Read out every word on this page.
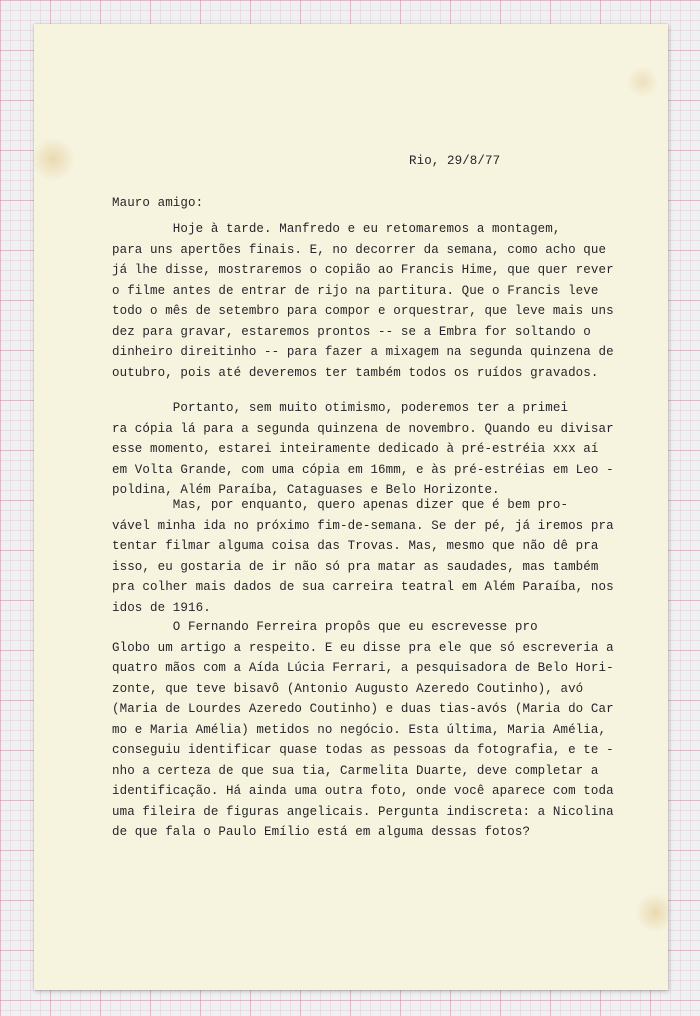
Rio, 29/8/77

Mauro amigo:

Hoje à tarde. Manfredo e eu retomaremos a montagem,
para uns apertões finais. E, no decorrer da semana, como acho que
já lhe disse, mostraremos o copião ao Francis Hime, que quer rever
o filme antes de entrar de rijo na partitura. Que o Francis leve
todo o mês de setembro para compor e orquestrar, que leve mais uns
dez para gravar, estaremos prontos -- se a Embra for soltando o
dinheiro direitinho -- para fazer a mixagem na segunda quinzena de
outubro, pois até deveremos ter também todos os ruídos gravados.
Portanto, sem muito otimismo, poderemos ter a primei
ra cópia lá para a segunda quinzena de novembro. Quando eu divisar
esse momento, estarei inteiramente dedicado à pré-estréia xxx aí
em Volta Grande, com uma cópia em 16mm, e às pré-estréias em Leo -
poldina, Além Paraíba, Cataguases e Belo Horizonte.
Mas, por enquanto, quero apenas dizer que é bem pro-
vável minha ida no próximo fim-de-semana. Se der pé, já iremos pra
tentar filmar alguma coisa das Trovas. Mas, mesmo que não dê pra
isso, eu gostaria de ir não só pra matar as saudades, mas também
pra colher mais dados de sua carreira teatral em Além Paraíba, nos
idos de 1916.
O Fernando Ferreira propôs que eu escrevesse pro
Globo um artigo a respeito. E eu disse pra ele que só escreveria a
quatro mãos com a Aída Lúcia Ferrari, a pesquisadora de Belo Hori-
zonte, que teve bisavô (Antonio Augusto Azeredo Coutinho), avó
(Maria de Lourdes Azeredo Coutinho) e duas tias-avós (Maria do Car
mo e Maria Amélia) metidos no negócio. Esta última, Maria Amélia,
conseguiu identificar quase todas as pessoas da fotografia, e te -
nho a certeza de que sua tia, Carmelita Duarte, deve completar a
identificação. Há ainda uma outra foto, onde você aparece com toda
uma fileira de figuras angelicais. Pergunta indiscreta: a Nicolina
de que fala o Paulo Emílio está em alguma dessas fotos?
